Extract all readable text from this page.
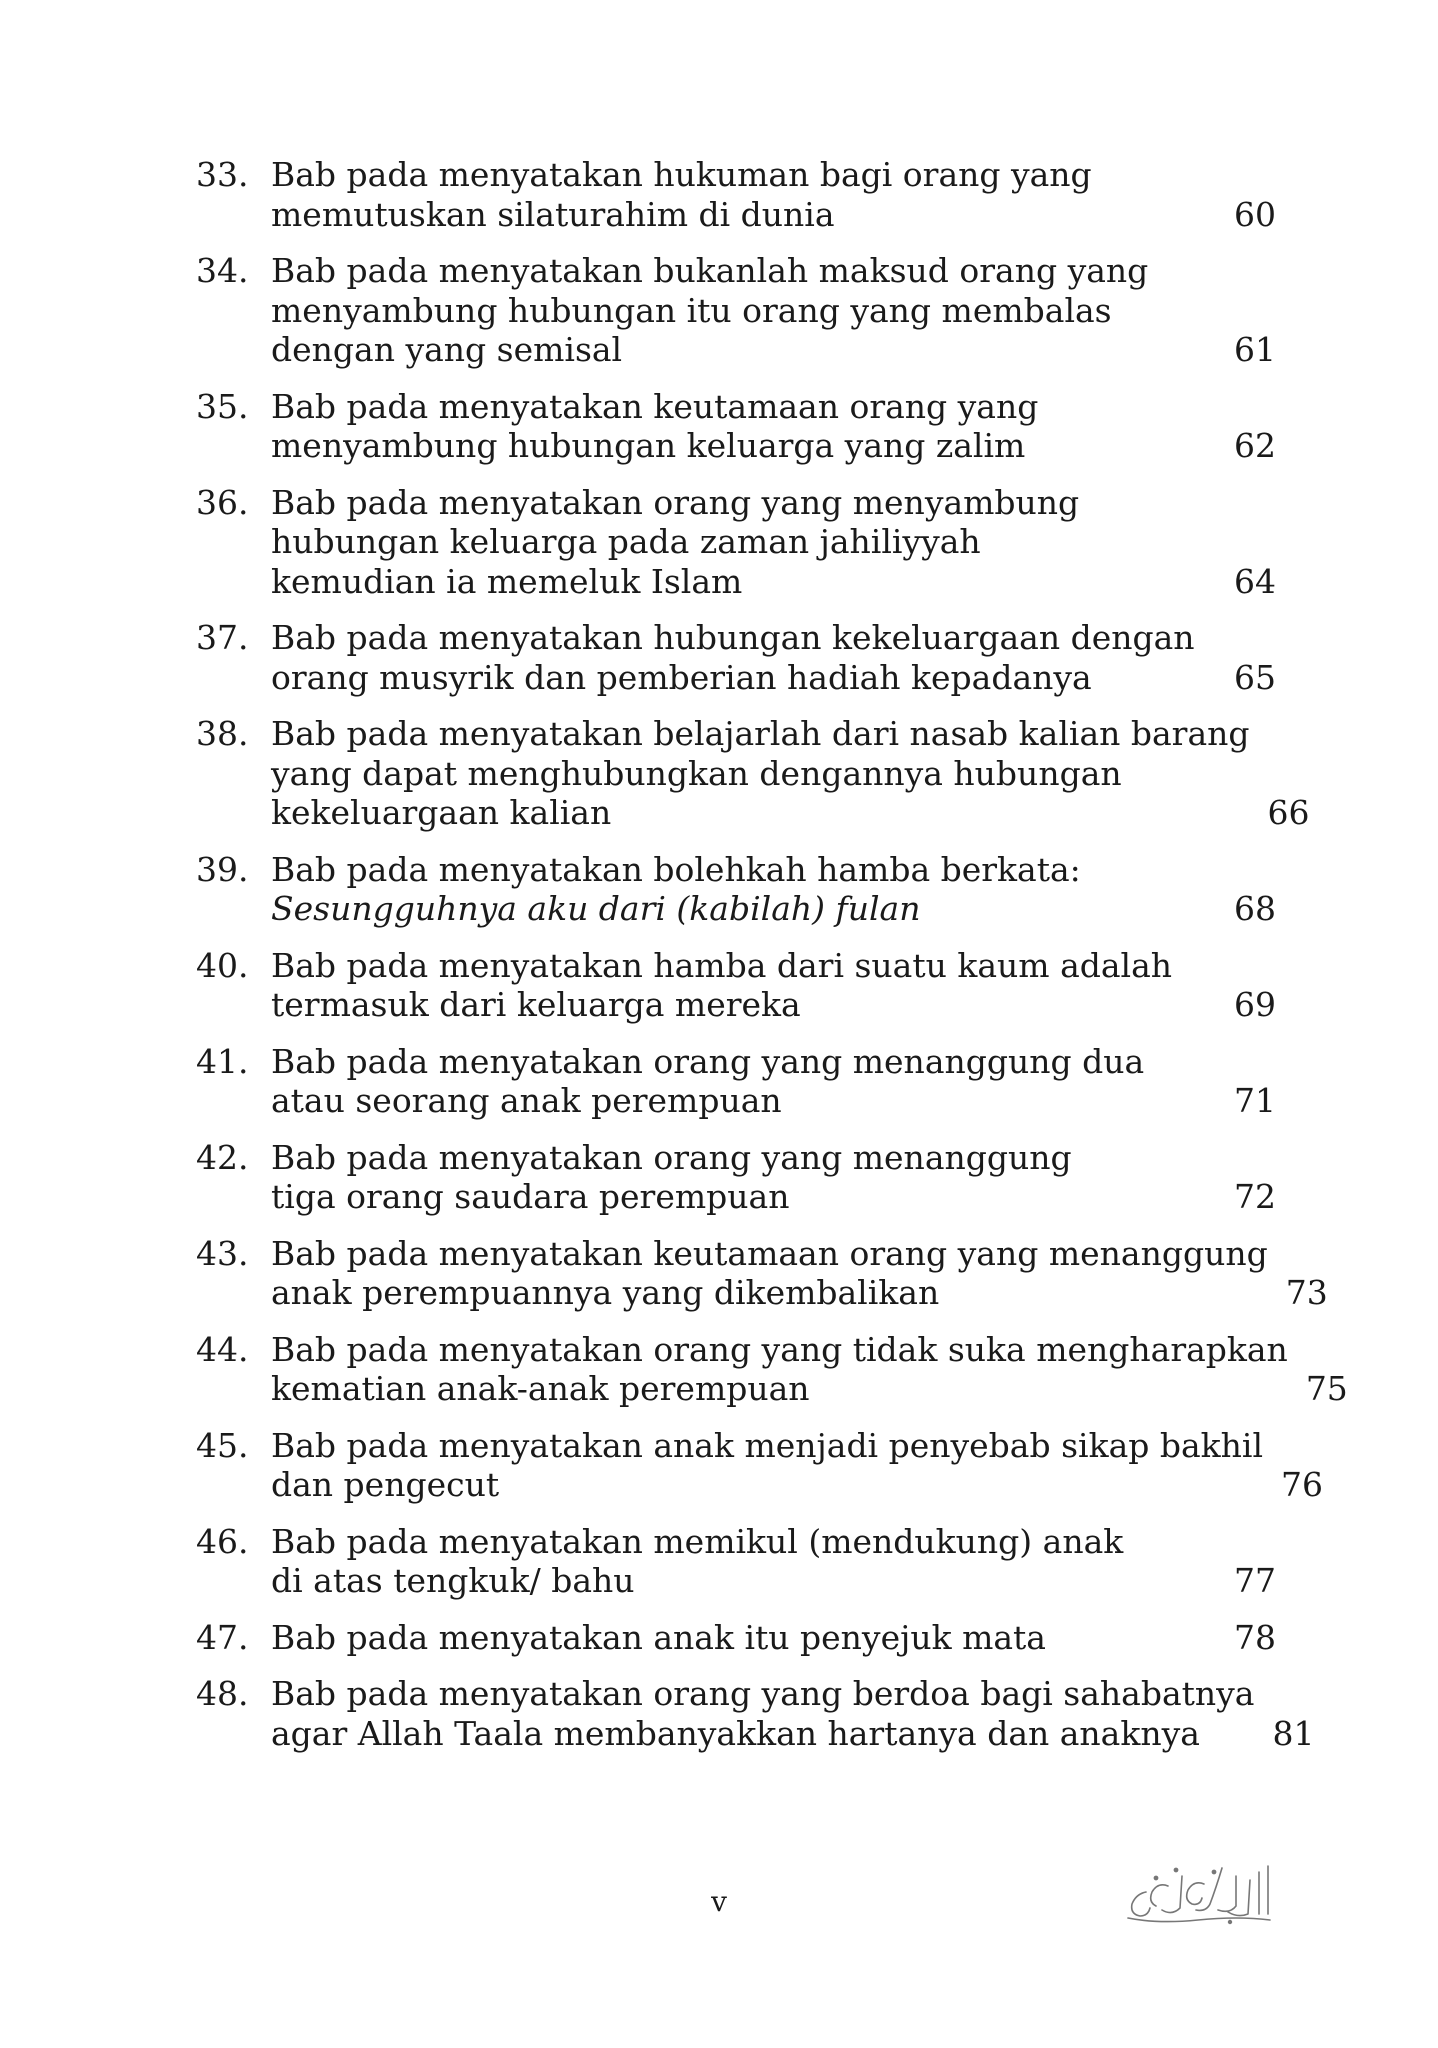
33. Bab pada menyatakan hukuman bagi orang yang
memutuskan silaturahim di dunia	60
34. Bab pada menyatakan bukanlah maksud orang yang
menyambung hubungan itu orang yang membalas
dengan yang semisal	61
35. Bab pada menyatakan keutamaan orang yang
menyambung hubungan keluarga yang zalim	62
36. Bab pada menyatakan orang yang menyambung
hubungan keluarga pada zaman jahiliyyah
kemudian ia memeluk Islam	64
37. Bab pada menyatakan hubungan kekeluargaan dengan
orang musyrik dan pemberian hadiah kepadanya	65
38. Bab pada menyatakan belajarlah dari nasab kalian barang
yang dapat menghubungkan dengannya hubungan
kekeluargaan kalian	66
39. Bab pada menyatakan bolehkah hamba berkata:
Sesungguhnya aku dari (kabilah) fulan	68
40. Bab pada menyatakan hamba dari suatu kaum adalah
termasuk dari keluarga mereka	69
41. Bab pada menyatakan orang yang menanggung dua
atau seorang anak perempuan	71
42. Bab pada menyatakan orang yang menanggung
tiga orang saudara perempuan	72
43. Bab pada menyatakan keutamaan orang yang menanggung
anak perempuannya yang dikembalikan	73
44. Bab pada menyatakan orang yang tidak suka mengharapkan
kematian anak-anak perempuan	75
45. Bab pada menyatakan anak menjadi penyebab sikap bakhil
dan pengecut	76
46. Bab pada menyatakan memikul (mendukung) anak
di atas tengkuk/ bahu	77
47. Bab pada menyatakan anak itu penyejuk mata	78
48. Bab pada menyatakan orang yang berdoa bagi sahabatnya
agar Allah Taala membanyakkan hartanya dan anaknya	81
v
